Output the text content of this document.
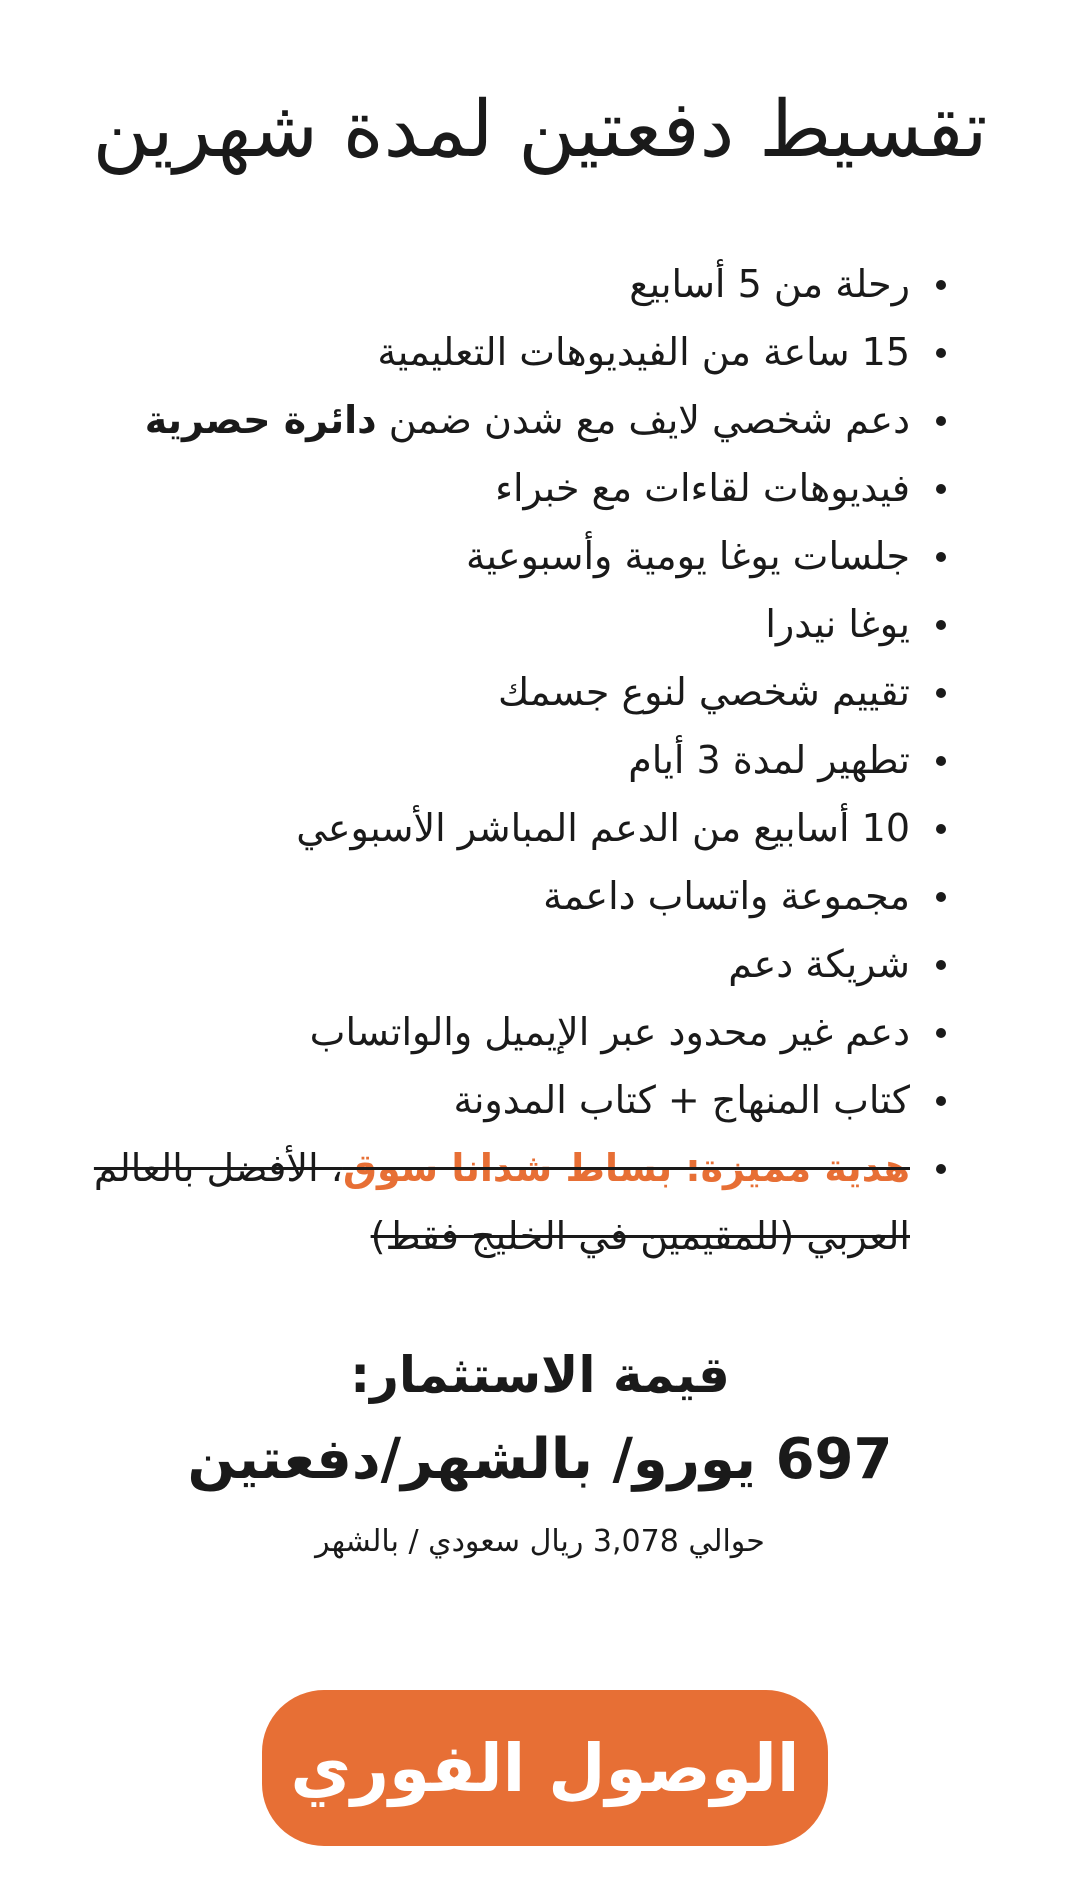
تقسيط دفعتين لمدة شهرين
رحلة من 5 أسابيع
15 ساعة من الفيديوهات التعليمية
دعم شخصي لايف مع شدن ضمن دائرة حصرية
فيديوهات لقاءات مع خبراء
جلسات يوغا يومية وأسبوعية
يوغا نيدرا
تقييم شخصي لنوع جسمك
تطهير لمدة 3 أيام
10 أسابيع من الدعم المباشر الأسبوعي
مجموعة واتساب داعمة
شريكة دعم
دعم غير محدود عبر الإيميل والواتساب
كتاب المنهاج + كتاب المدونة
هدية مميزة: بساط شدانا سوق، الأفضل بالعالم العربي (للمقيمين في الخليج فقط)
قيمة الاستثمار:
697 يورو/ بالشهر/دفعتين
حوالي 3,078 ريال سعودي / بالشهر
الوصول الفوري
